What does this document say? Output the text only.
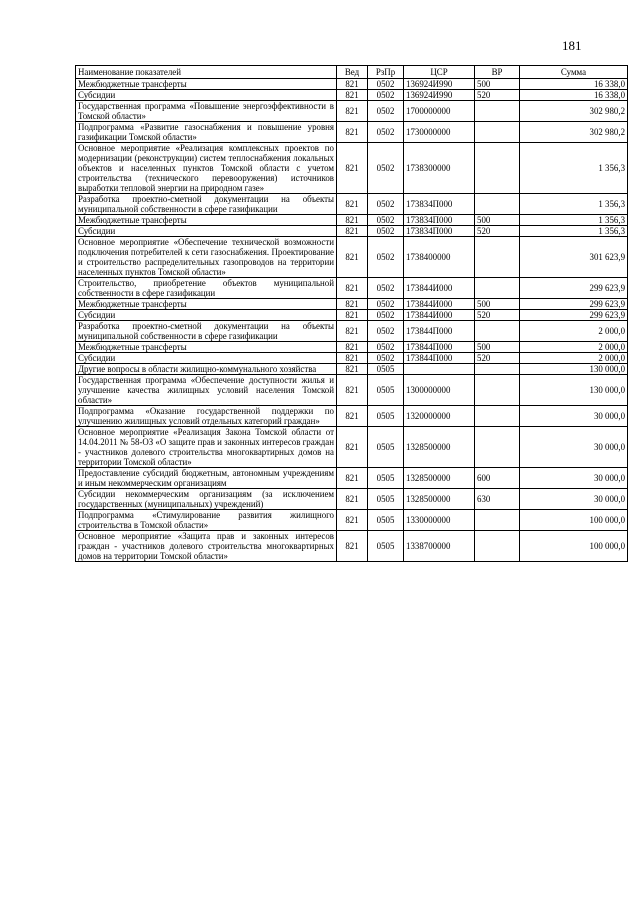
181
Наименование показателей	Вед	РзПр	ЦСР	ВР	Сумма
Межбюджетные трансферты	821	0502	136924И990	500	16 338,0
Субсидии	821	0502	136924И990	520	16 338,0
Государственная программа «Повышение энергоэффективности в Томской области»	821	0502	1700000000		302 980,2
Подпрограмма «Развитие газоснабжения и повышение уровня газификации Томской области»	821	0502	1730000000		302 980,2
Основное мероприятие «Реализация комплексных проектов по модернизации (реконструкции) систем теплоснабжения локальных объектов и населенных пунктов Томской области с учетом строительства (технического перевооружения) источников выработки тепловой энергии на природном газе»	821	0502	1738300000		1 356,3
Разработка проектно-сметной документации на объекты муниципальной собственности в сфере газификации	821	0502	173834П000		1 356,3
Межбюджетные трансферты	821	0502	173834П000	500	1 356,3
Субсидии	821	0502	173834П000	520	1 356,3
Основное мероприятие «Обеспечение технической возможности подключения потребителей к сети газоснабжения. Проектирование и строительство распределительных газопроводов на территории населенных пунктов Томской области»	821	0502	1738400000		301 623,9
Строительство, приобретение объектов муниципальной собственности в сфере газификации	821	0502	173844И000		299 623,9
Межбюджетные трансферты	821	0502	173844И000	500	299 623,9
Субсидии	821	0502	173844И000	520	299 623,9
Разработка проектно-сметной документации на объекты муниципальной собственности в сфере газификации	821	0502	173844П000		2 000,0
Межбюджетные трансферты	821	0502	173844П000	500	2 000,0
Субсидии	821	0502	173844П000	520	2 000,0
Другие вопросы в области жилищно-коммунального хозяйства	821	0505			130 000,0
Государственная программа «Обеспечение доступности жилья и улучшение качества жилищных условий населения Томской области»	821	0505	1300000000		130 000,0
Подпрограмма «Оказание государственной поддержки по улучшению жилищных условий отдельных категорий граждан»	821	0505	1320000000		30 000,0
Основное мероприятие «Реализация Закона Томской области от 14.04.2011 № 58-ОЗ «О защите прав и законных интересов граждан - участников долевого строительства многоквартирных домов на территории Томской области»	821	0505	1328500000		30 000,0
Предоставление субсидий бюджетным, автономным учреждениям и иным некоммерческим организациям	821	0505	1328500000	600	30 000,0
Субсидии некоммерческим организациям (за исключением государственных (муниципальных) учреждений)	821	0505	1328500000	630	30 000,0
Подпрограмма «Стимулирование развития жилищного строительства в Томской области»	821	0505	1330000000		100 000,0
Основное мероприятие «Защита прав и законных интересов граждан - участников долевого строительства многоквартирных домов на территории Томской области»	821	0505	1338700000		100 000,0
